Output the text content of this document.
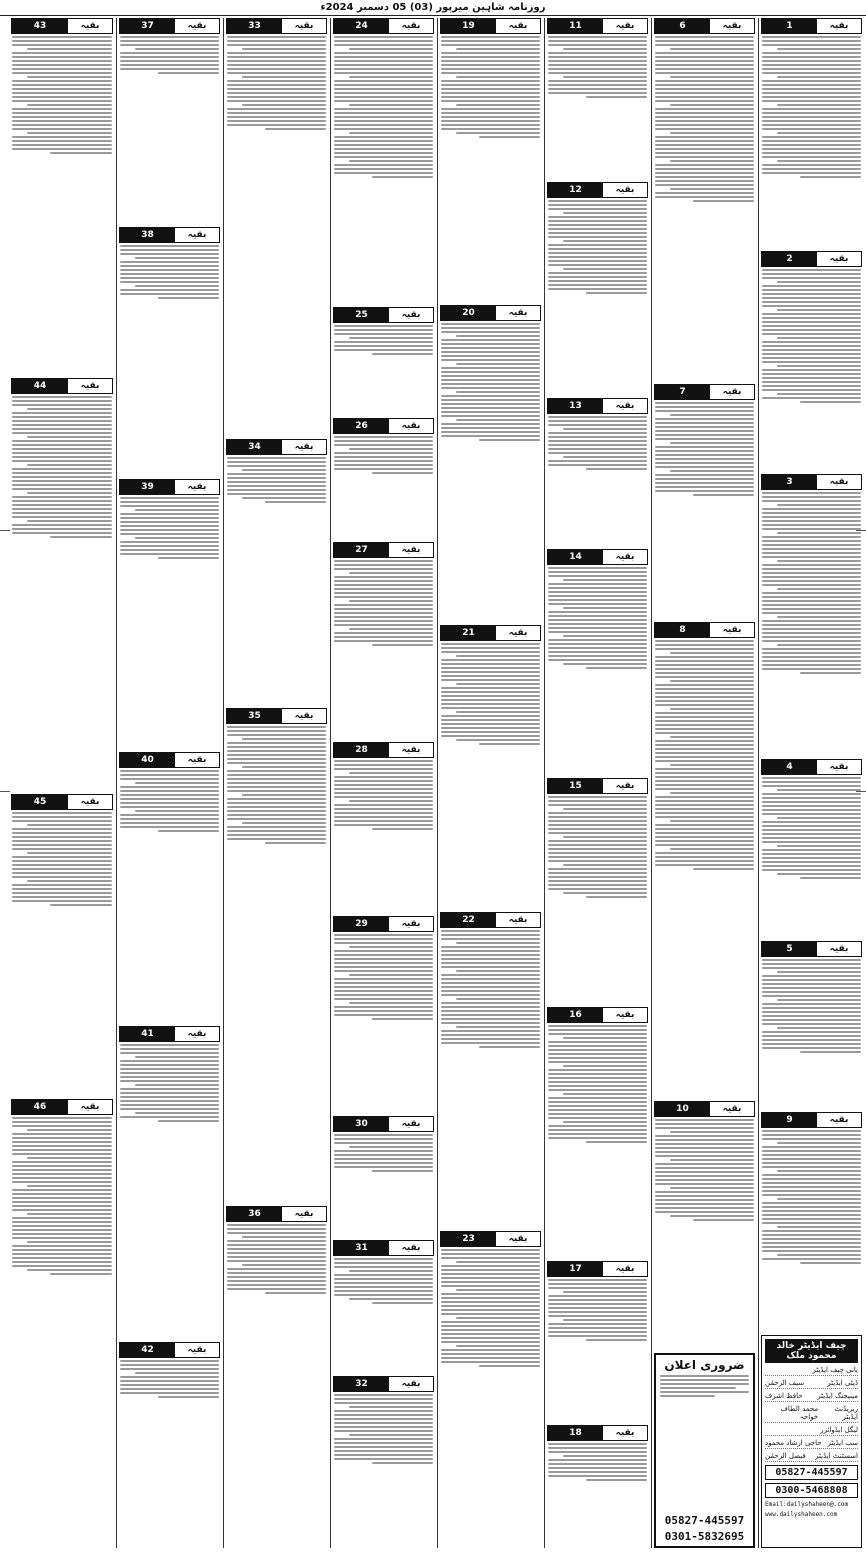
روزنامہ شاہین میرپور (03) 05 دسمبر 2024ء
بقیہ
1
بقیہ
2
بقیہ
3
بقیہ
4
بقیہ
5
بقیہ
9
چیف ایڈیٹر خالد محمود ملک
بانی چیف ایڈیٹر
ڈپٹی ایڈیٹر
سیف الرحمٰن
مینیجنگ ایڈیٹر
حافظ اشرف
ریزیڈنٹ ایڈیٹر
محمد الطاف خواجہ
لیگل ایڈوائزر
سب ایڈیٹر
حاجی ارشاد محمود
اسسٹنٹ ایڈیٹر
فیصل الرحمٰن
05827-445597
0300-5468808
Email:dailyshaheen@.com
www.dailyshaheen.com
بقیہ
6
بقیہ
7
بقیہ
8
بقیہ
10
ضروری اعلان
05827-445597
0301-5832695
بقیہ
11
بقیہ
12
بقیہ
13
بقیہ
14
بقیہ
15
بقیہ
16
بقیہ
17
بقیہ
18
بقیہ
19
بقیہ
20
بقیہ
21
بقیہ
22
بقیہ
23
بقیہ
24
بقیہ
25
بقیہ
26
بقیہ
27
بقیہ
28
بقیہ
29
بقیہ
30
بقیہ
31
بقیہ
32
بقیہ
33
بقیہ
34
بقیہ
35
بقیہ
36
بقیہ
37
بقیہ
38
بقیہ
39
بقیہ
40
بقیہ
41
بقیہ
42
بقیہ
43
بقیہ
44
بقیہ
45
بقیہ
46
